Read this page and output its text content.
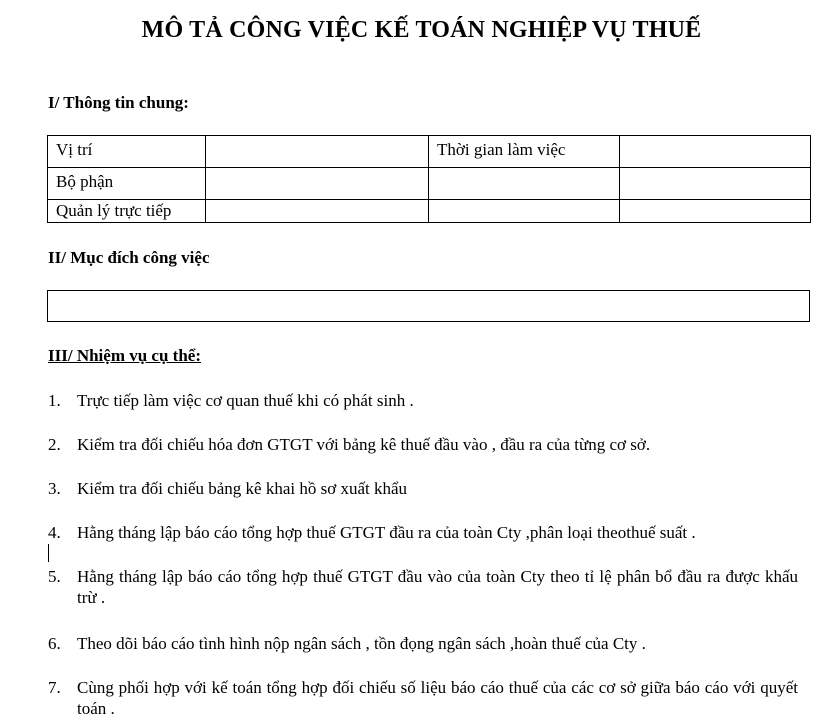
MÔ TẢ CÔNG VIỆC KẾ TOÁN NGHIỆP VỤ THUẾ
I/ Thông tin chung:
Vị trí		Thời gian làm việc	
Bộ phận			
Quản lý trực tiếp			
II/ Mục đích công việc
III/ Nhiệm vụ cụ thể:
1. Trực tiếp làm việc cơ quan thuế khi có phát sinh .
2. Kiểm tra đối chiếu hóa đơn GTGT với bảng kê thuế đầu vào , đầu ra của từng cơ sở.
3. Kiểm tra đối chiếu bảng kê khai hồ sơ xuất khẩu
4. Hằng tháng lập báo cáo tổng hợp thuế GTGT đầu ra của toàn Cty ,phân loại theothuế suất .
5. Hằng tháng lập báo cáo tổng hợp thuế GTGT đầu vào của toàn Cty theo tỉ lệ phân bổ đầu ra được khấu trừ .
6. Theo dõi báo cáo tình hình nộp ngân sách , tồn đọng ngân sách ,hoàn thuế của Cty .
7. Cùng phối hợp với kế toán tổng hợp đối chiếu số liệu báo cáo thuế của các cơ sở giữa báo cáo với quyết toán .
